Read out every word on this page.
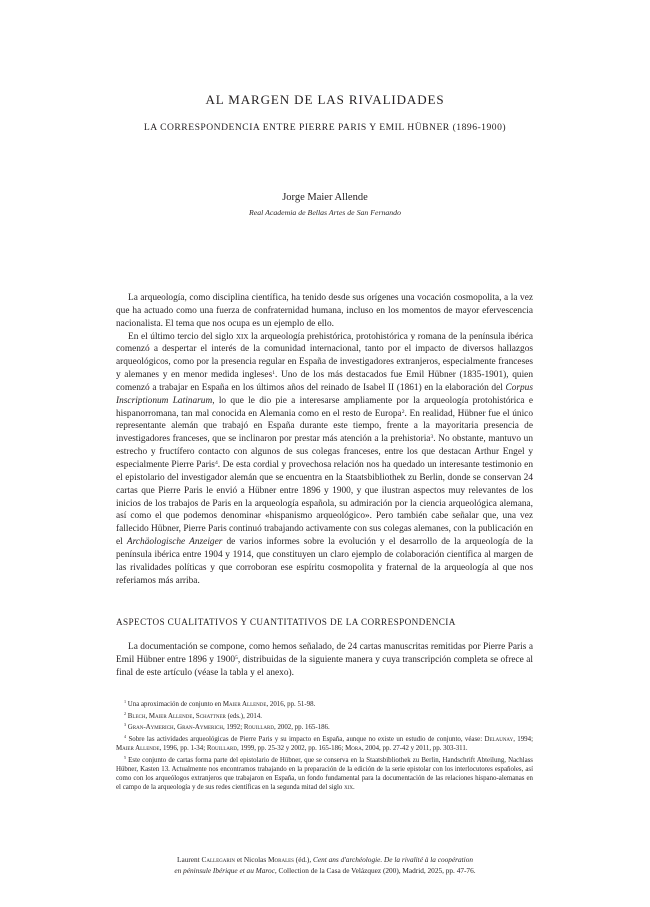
AL MARGEN DE LAS RIVALIDADES
LA CORRESPONDENCIA ENTRE PIERRE PARIS Y EMIL HÜBNER (1896-1900)
Jorge Maier Allende
Real Academia de Bellas Artes de San Fernando

La arqueología, como disciplina científica, ha tenido desde sus orígenes una vocación cosmopolita, a la vez que ha actuado como una fuerza de confraternidad humana, incluso en los momentos de mayor efervescencia nacionalista. El tema que nos ocupa es un ejemplo de ello.

En el último tercio del siglo xix la arqueología prehistórica, protohistórica y romana de la península ibérica comenzó a despertar el interés de la comunidad internacional, tanto por el impacto de diversos hallazgos arqueológicos, como por la presencia regular en España de investigadores extranjeros, especialmente franceses y alemanes y en menor medida ingleses$^1$. Uno de los más destacados fue Emil Hübner (1835-1901), quien comenzó a trabajar en España en los últimos años del reinado de Isabel II (1861) en la elaboración del Corpus Inscriptionum Latinarum, lo que le dio pie a interesarse ampliamente por la arqueología protohistórica e hispanorromana, tan mal conocida en Alemania como en el resto de Europa$^2$. En realidad, Hübner fue el único representante alemán que trabajó en España durante este tiempo, frente a la mayoritaria presencia de investigadores franceses, que se inclinaron por prestar más atención a la prehistoria$^3$. No obstante, mantuvo un estrecho y fructífero contacto con algunos de sus colegas franceses, entre los que destacan Arthur Engel y especialmente Pierre Paris$^4$. De esta cordial y provechosa relación nos ha quedado un interesante testimonio en el epistolario del investigador alemán que se encuentra en la Staatsbibliothek zu Berlin, donde se conservan 24 cartas que Pierre Paris le envió a Hübner entre 1896 y 1900, y que ilustran aspectos muy relevantes de los inicios de los trabajos de Paris en la arqueología española, su admiración por la ciencia arqueológica alemana, así como el que podemos denominar «hispanismo arqueológico». Pero también cabe señalar que, una vez fallecido Hübner, Pierre Paris continuó trabajando activamente con sus colegas alemanes, con la publicación en el Archäologische Anzeiger de varios informes sobre la evolución y el desarrollo de la arqueología de la península ibérica entre 1904 y 1914, que constituyen un claro ejemplo de colaboración científica al margen de las rivalidades políticas y que corroboran ese espíritu cosmopolita y fraternal de la arqueología al que nos referiamos más arriba.

ASPECTOS CUALITATIVOS Y CUANTITATIVOS DE LA CORRESPONDENCIA

La documentación se compone, como hemos señalado, de 24 cartas manuscritas remitidas por Pierre Paris a Emil Hübner entre 1896 y 1900$^5$, distribuidas de la siguiente manera y cuya transcripción completa se ofrece al final de este artículo (véase la tabla y el anexo).

$^1$ Una aproximación de conjunto en Maier Allende, 2016, pp. 51-98.

$^2$ Blech, Maier Allende, Schattner (eds.), 2014.

$^3$ Gran-Aymerich, Gran-Aymerich, 1992; Rouillard, 2002, pp. 165-186.

$^4$ Sobre las actividades arqueológicas de Pierre Paris y su impacto en España, aunque no existe un estudio de conjunto, véase: Delaunay, 1994; Maier Allende, 1996, pp. 1-34; Rouillard, 1999, pp. 25-32 y 2002, pp. 165-186; Mora, 2004, pp. 27-42 y 2011, pp. 303-311.

$^5$ Este conjunto de cartas forma parte del epistolario de Hübner, que se conserva en la Staatsbibliothek zu Berlin, Handschrift Abteilung, Nachlass Hübner, Kasten 13. Actualmente nos encontramos trabajando en la preparación de la edición de la serie epistolar con los interlocutores españoles, así como con los arqueólogos extranjeros que trabajaron en España, un fondo fundamental para la documentación de las relaciones hispano-alemanas en el campo de la arqueología y de sus redes científicas en la segunda mitad del siglo xix.

Laurent Callegarin et Nicolas Morales (éd.), Cent ans d'archéologie. De la rivalité à la coopération
en péninsule Ibérique et au Maroc, Collection de la Casa de Velázquez (200), Madrid, 2025, pp. 47-76.
